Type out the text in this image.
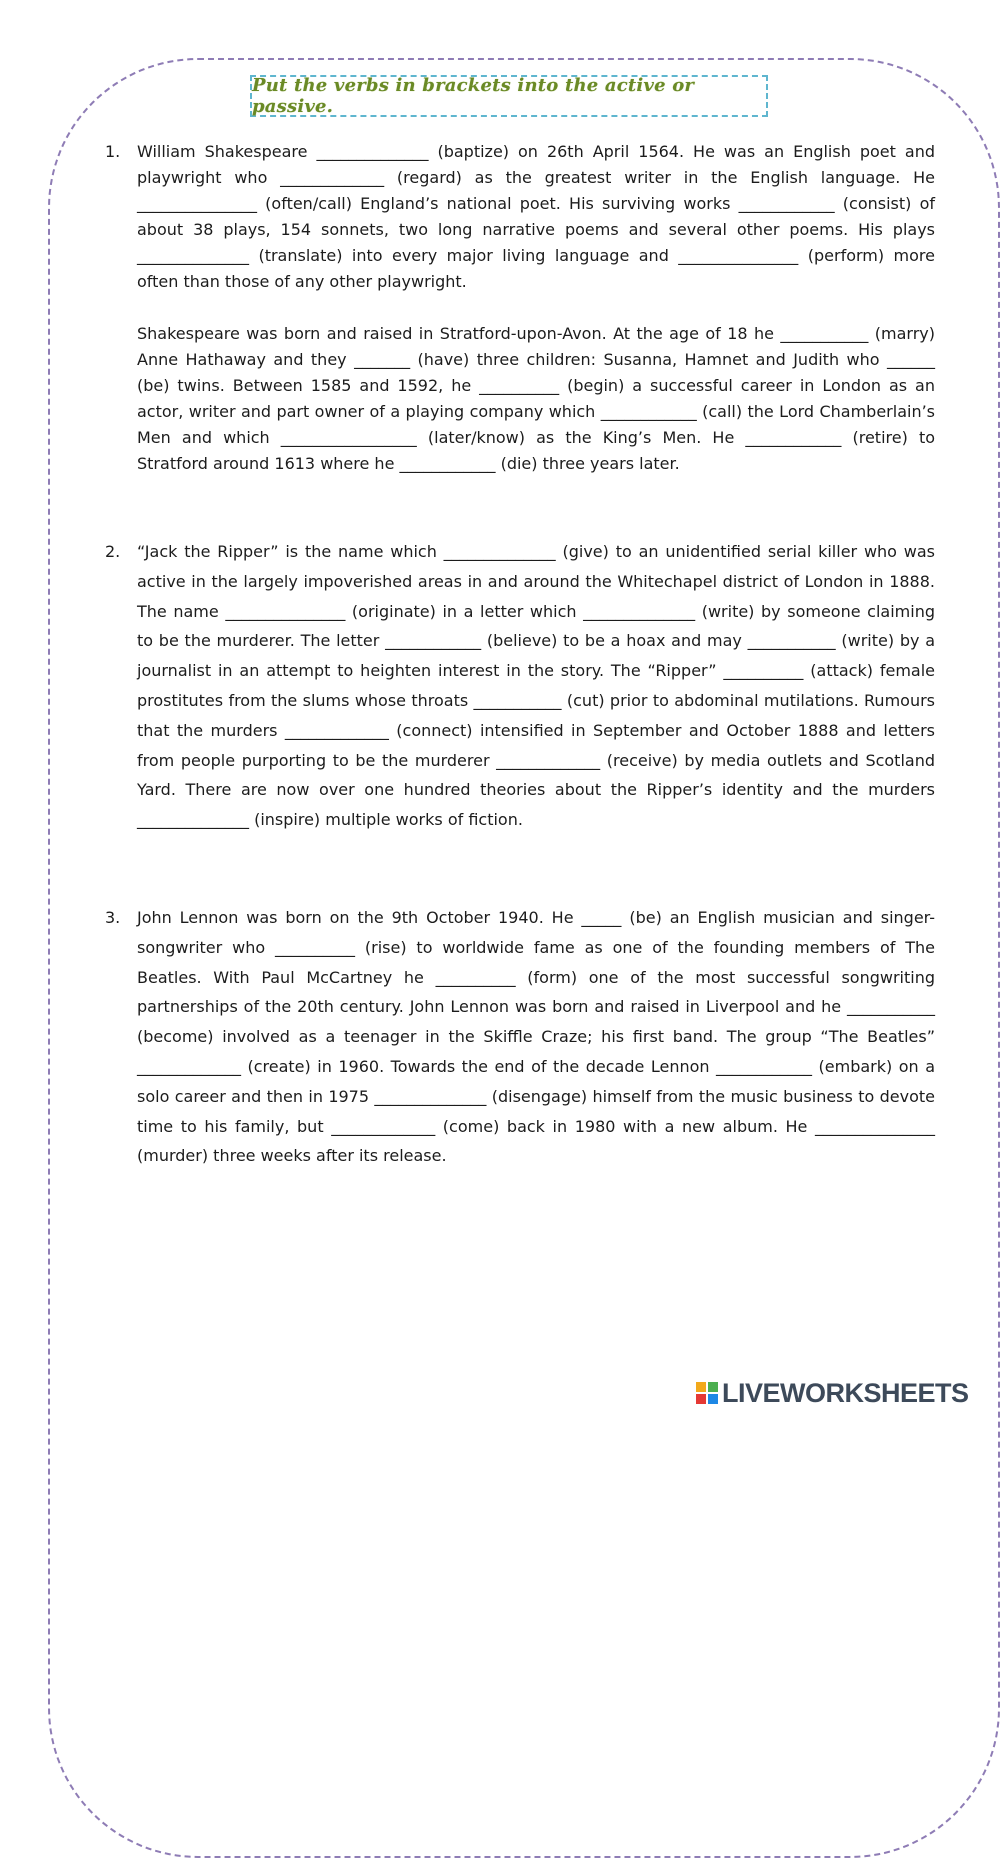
Put the verbs in brackets into the active or passive.
1.	William Shakespeare ______________ (baptize) on 26th April 1564. He was an English poet and playwright who _____________ (regard) as the greatest writer in the English language. He _______________ (often/call) England’s national poet. His surviving works ____________ (consist) of about 38 plays, 154 sonnets, two long narrative poems and several other poems. His plays ______________ (translate) into every major living language and _______________ (perform) more often than those of any other playwright.

Shakespeare was born and raised in Stratford-upon-Avon. At the age of 18 he ___________ (marry) Anne Hathaway and they _______ (have) three children: Susanna, Hamnet and Judith who ______ (be) twins. Between 1585 and 1592, he __________ (begin) a successful career in London as an actor, writer and part owner of a playing company which ____________ (call) the Lord Chamberlain’s Men and which _________________ (later/know) as the King’s Men. He ____________ (retire) to Stratford around 1613 where he ____________ (die) three years later.

2.	“Jack the Ripper” is the name which ______________ (give) to an unidentified serial killer who was active in the largely impoverished areas in and around the Whitechapel district of London in 1888. The name _______________ (originate) in a letter which ______________ (write) by someone claiming to be the murderer. The letter ____________ (believe) to be a hoax and may ___________ (write) by a journalist in an attempt to heighten interest in the story. The “Ripper” __________ (attack) female prostitutes from the slums whose throats ___________ (cut) prior to abdominal mutilations. Rumours that the murders _____________ (connect) intensified in September and October 1888 and letters from people purporting to be the murderer _____________ (receive) by media outlets and Scotland Yard. There are now over one hundred theories about the Ripper’s identity and the murders ______________ (inspire) multiple works of fiction.

3.	John Lennon was born on the 9th October 1940. He _____ (be) an English musician and singer-songwriter who __________ (rise) to worldwide fame as one of the founding members of The Beatles. With Paul McCartney he __________ (form) one of the most successful songwriting partnerships of the 20th century. John Lennon was born and raised in Liverpool and he ___________ (become) involved as a teenager in the Skiffle Craze; his first band. The group “The Beatles” _____________ (create) in 1960. Towards the end of the decade Lennon ____________ (embark) on a solo career and then in 1975 ______________ (disengage) himself from the music business to devote time to his family, but _____________ (come) back in 1980 with a new album. He _______________ (murder) three weeks after its release.

LIVEWORKSHEETS
